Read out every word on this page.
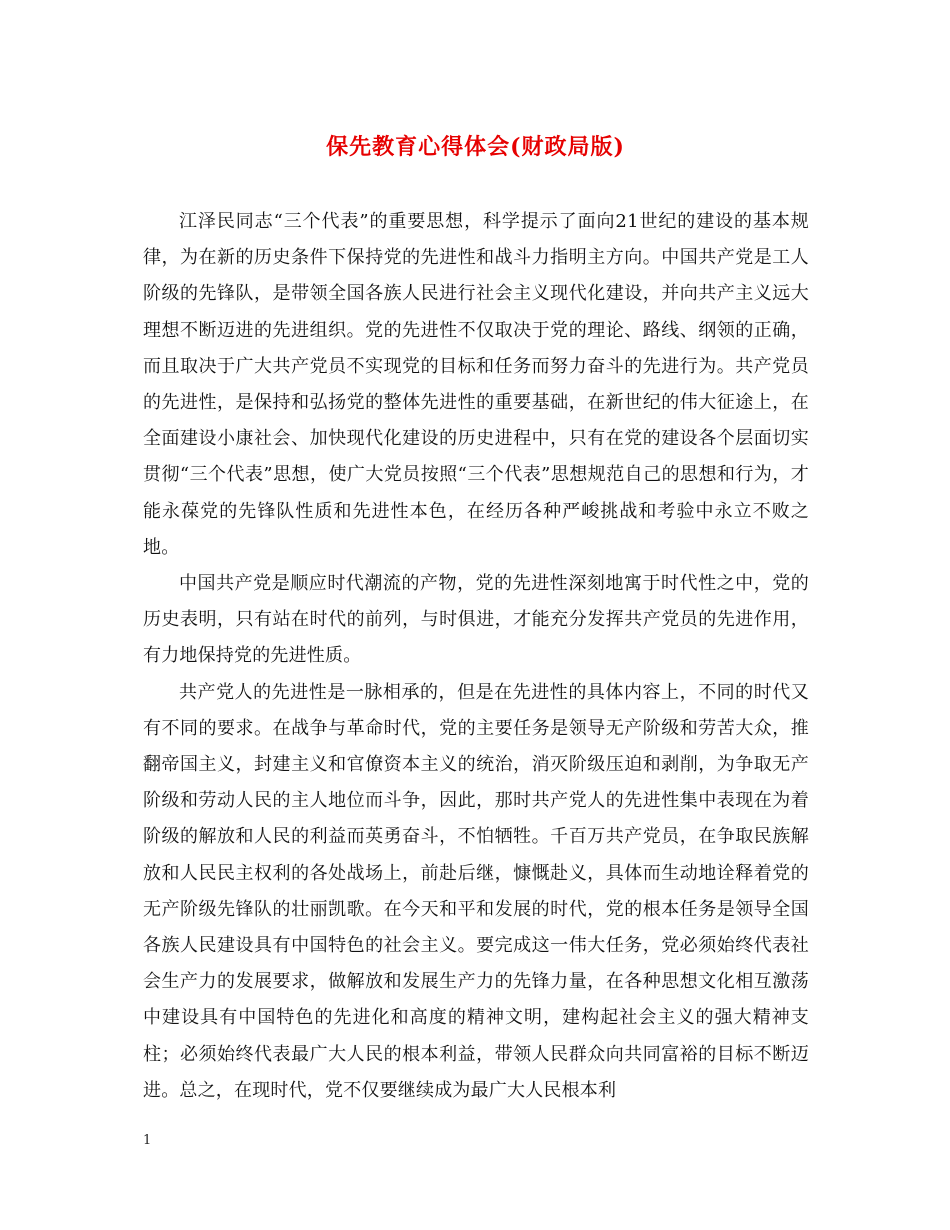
保先教育心得体会(财政局版)

江泽民同志“三个代表”的重要思想，科学提示了面向21世纪的建设的基本规律，为在新的历史条件下保持党的先进性和战斗力指明主方向。中国共产党是工人阶级的先锋队，是带领全国各族人民进行社会主义现代化建设，并向共产主义远大理想不断迈进的先进组织。党的先进性不仅取决于党的理论、路线、纲领的正确，而且取决于广大共产党员不实现党的目标和任务而努力奋斗的先进行为。共产党员的先进性，是保持和弘扬党的整体先进性的重要基础，在新世纪的伟大征途上，在全面建设小康社会、加快现代化建设的历史进程中，只有在党的建设各个层面切实贯彻“三个代表”思想，使广大党员按照“三个代表”思想规范自己的思想和行为，才能永葆党的先锋队性质和先进性本色，在经历各种严峻挑战和考验中永立不败之地。

中国共产党是顺应时代潮流的产物，党的先进性深刻地寓于时代性之中，党的历史表明，只有站在时代的前列，与时俱进，才能充分发挥共产党员的先进作用，有力地保持党的先进性质。

共产党人的先进性是一脉相承的，但是在先进性的具体内容上，不同的时代又有不同的要求。在战争与革命时代，党的主要任务是领导无产阶级和劳苦大众，推翻帝国主义，封建主义和官僚资本主义的统治，消灭阶级压迫和剥削，为争取无产阶级和劳动人民的主人地位而斗争，因此，那时共产党人的先进性集中表现在为着阶级的解放和人民的利益而英勇奋斗，不怕牺牲。千百万共产党员，在争取民族解放和人民民主权利的各处战场上，前赴后继，慷慨赴义，具体而生动地诠释着党的无产阶级先锋队的壮丽凯歌。在今天和平和发展的时代，党的根本任务是领导全国各族人民建设具有中国特色的社会主义。要完成这一伟大任务，党必须始终代表社会生产力的发展要求，做解放和发展生产力的先锋力量，在各种思想文化相互激荡中建设具有中国特色的先进化和高度的精神文明，建构起社会主义的强大精神支柱；必须始终代表最广大人民的根本利益，带领人民群众向共同富裕的目标不断迈进。总之，在现时代，党不仅要继续成为最广大人民根本利

1
